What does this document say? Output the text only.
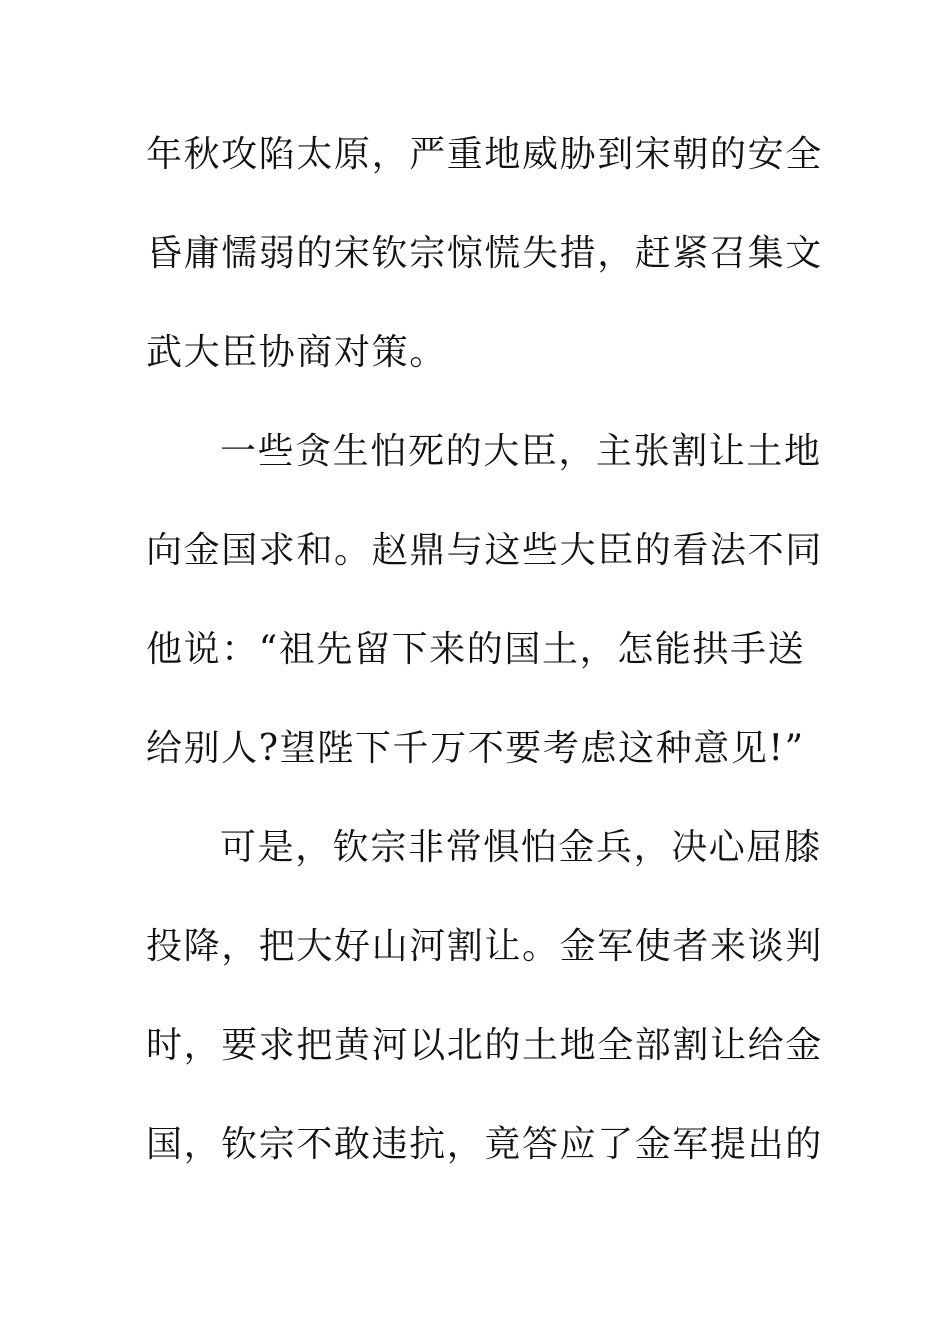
年秋攻陷太原，严重地威胁到宋朝的安全
昏庸懦弱的宋钦宗惊慌失措，赶紧召集文
武大臣协商对策。
一些贪生怕死的大臣，主张割让土地
向金国求和。赵鼎与这些大臣的看法不同
他说：“祖先留下来的国土，怎能拱手送
给别人?望陛下千万不要考虑这种意见!”
可是，钦宗非常惧怕金兵，决心屈膝
投降，把大好山河割让。金军使者来谈判
时，要求把黄河以北的土地全部割让给金
国，钦宗不敢违抗，竟答应了金军提出的
